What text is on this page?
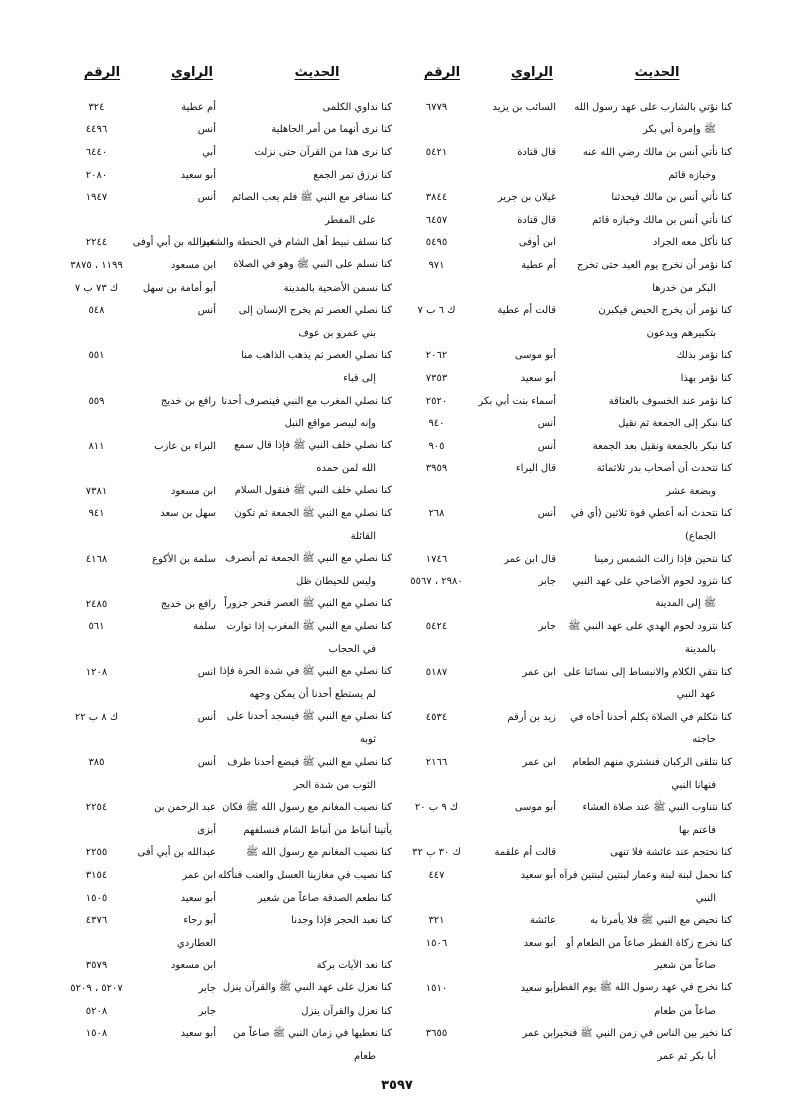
الحديث
الراوي
الرقم
كنا نؤتي بالشارب على عهد رسول الله
السائب بن يزيد
٦٧٧٩
ﷺ وإمرة أبي بكر
كنا نأتي أنس بن مالك رضي الله عنه
قال قتادة
٥٤٢١
وخبازه قائم
كنا نأتي أنس بن مالك فيحدثنا
غيلان بن جرير
٣٨٤٤
كنا نأتي أنس بن مالك وخبازه قائم
قال قتادة
٦٤٥٧
كنا نأكل معه الجراد
ابن أوفى
٥٤٩٥
كنا نؤمر أن نخرج يوم العيد حتى تخرج
أم عطية
٩٧١
البكر من خدرها
كنا نؤمر أن يخرج الحيض فيكبرن
قالت أم عطية
ك ٦ ب ٧
بتكبيرهم ويدعون
كنا نؤمر بذلك
أبو موسى
٢٠٦٢
كنا نؤمر بهذا
أبو سعيد
٧٣٥٣
كنا نؤمر عند الخسوف بالعتاقة
أسماء بنت أبي بكر
٢٥٢٠
كنا نبكر إلى الجمعة ثم نقيل
أنس
٩٤٠
كنا نبكر بالجمعة ونقيل بعد الجمعة
أنس
٩٠٥
كنا نتحدث أن أصحاب بدر ثلاثمائة
قال البراء
٣٩٥٩
وبضعة عشر
كنا نتحدث أنه أعطي قوة ثلاثين (أي في
أنس
٢٦٨
الجماع)
كنا نتحين فإذا زالت الشمس رمينا
قال ابن عمر
١٧٤٦
كنا نتزود لحوم الأضاحي على عهد النبي
جابر
٢٩٨٠ ، ٥٥٦٧
ﷺ إلى المدينة
كنا نتزود لحوم الهدي على عهد النبي ﷺ
جابر
٥٤٢٤
بالمدينة
كنا نتقي الكلام والانبساط إلى نسائنا على
ابن عمر
٥١٨٧
عهد النبي
كنا نتكلم في الصلاة يكلم أحدنا أخاه في
زيد بن أرقم
٤٥٣٤
حاجته
كنا نتلقى الركبان فنشتري منهم الطعام
ابن عمر
٢١٦٦
فنهانا النبي
كنا نتناوب النبي ﷺ عند صلاة العشاء
أبو موسى
ك ٩ ب ٢٠
فاعتم بها
كنا نحتجم عند عائشة فلا تنهى
قالت أم علقمة
ك ٣٠ ب ٣٢
كنا نحمل لبنة لبنة وعمار لبنتين لبنتين فرآه
أبو سعيد
٤٤٧
النبي
كنا نحيض مع النبي ﷺ فلا يأمرنا به
عائشة
٣٢١
كنا نخرج زكاة الفطر صاعاً من الطعام أو
أبو سعد
١٥٠٦
صاعاً من شعير
كنا نخرج في عهد رسول الله ﷺ يوم الفطر
أبو سعيد
١٥١٠
صاعاً من طعام
كنا نخير بين الناس في زمن النبي ﷺ فنخير
ابن عمر
٣٦٥٥
أبا بكر ثم عمر
الحديث
الراوي
الرقم
كنا نداوي الكلمى
أم عطية
٣٢٤
كنا نرى أنهما من أمر الجاهلية
أنس
٤٤٩٦
كنا نرى هذا من القرآن حتى نزلت
أبي
٦٤٤٠
كنا نرزق تمر الجمع
أبو سعيد
٢٠٨٠
كنا نسافر مع النبي ﷺ فلم يعب الصائم
أنس
١٩٤٧
على المفطر
كنا نسلف نبيط أهل الشام في الحنطة والشعير
عبدالله بن أبي أوفى
٢٢٤٤
كنا نسلم على النبي ﷺ وهو في الصلاة
ابن مسعود
١١٩٩ ، ٣٨٧٥
كنا نسمن الأضحية بالمدينة
أبو أمامة بن سهل
ك ٧٣ ب ٧
كنا نصلي العصر ثم يخرج الإنسان إلى
أنس
٥٤٨
بني عمرو بن عوف
كنا نصلي العصر ثم يذهب الذاهب منا
٥٥١
إلى قباء
كنا نصلي المغرب مع النبي فينصرف أحدنا
رافع بن خديج
٥٥٩
وإنه ليبصر مواقع النبل
كنا نصلي خلف النبي ﷺ فإذا قال سمع
البراء بن عازب
٨١١
الله لمن حمده
كنا نصلي خلف النبي ﷺ فنقول السلام
ابن مسعود
٧٣٨١
كنا نصلي مع النبي ﷺ الجمعة ثم تكون
سهل بن سعد
٩٤١
القائلة
كنا نصلي مع النبي ﷺ الجمعة ثم أنصرف
سلمة بن الأكوع
٤١٦٨
وليس للحيطان ظل
كنا نصلي مع النبي ﷺ العصر فنحر جزوراً
رافع بن خديج
٢٤٨٥
كنا نصلي مع النبي ﷺ المغرب إذا توارت
سلمة
٥٦١
في الحجاب
كنا نصلي مع النبي ﷺ في شدة الحرة فإذا
انس
١٢٠٨
لم يستطع أحدنا أن يمكن وجهه
كنا نصلي مع النبي ﷺ فيسجد أحدنا على
أنس
ك ٨ ب ٢٢
ثوبه
كنا نصلي مع النبي ﷺ فيضع أحدنا طرف
أنس
٣٨٥
الثوب من شدة الحر
كنا نصيب المغانم مع رسول الله ﷺ فكان
عبد الرحمن بن
٢٢٥٤
يأتينا أنباط من أنباط الشام فنسلفهم
أبزى
كنا نصيب المغانم مع رسول الله ﷺ
عبدالله بن أبي أفى
٢٢٥٥
كنا نصيب في مغازينا العسل والعنب فنأكله
ابن عمر
٣١٥٤
كنا نطعم الصدقة صاعاً من شعير
أبو سعيد
١٥٠٥
كنا نعبد الحجر فإذا وجدنا
أبو رجاء
٤٣٧٦
العطاردي
كنا نعد الآيات بركة
ابن مسعود
٣٥٧٩
كنا نعزل على عهد النبي ﷺ والقرآن ينزل
جابر
٥٢٠٧ ، ٥٢٠٩
كنا نعزل والقرآن ينزل
جابر
٥٢٠٨
كنا نعطيها في زمان النبي ﷺ صاعاً من
أبو سعيد
١٥٠٨
طعام
٣٥٩٧
